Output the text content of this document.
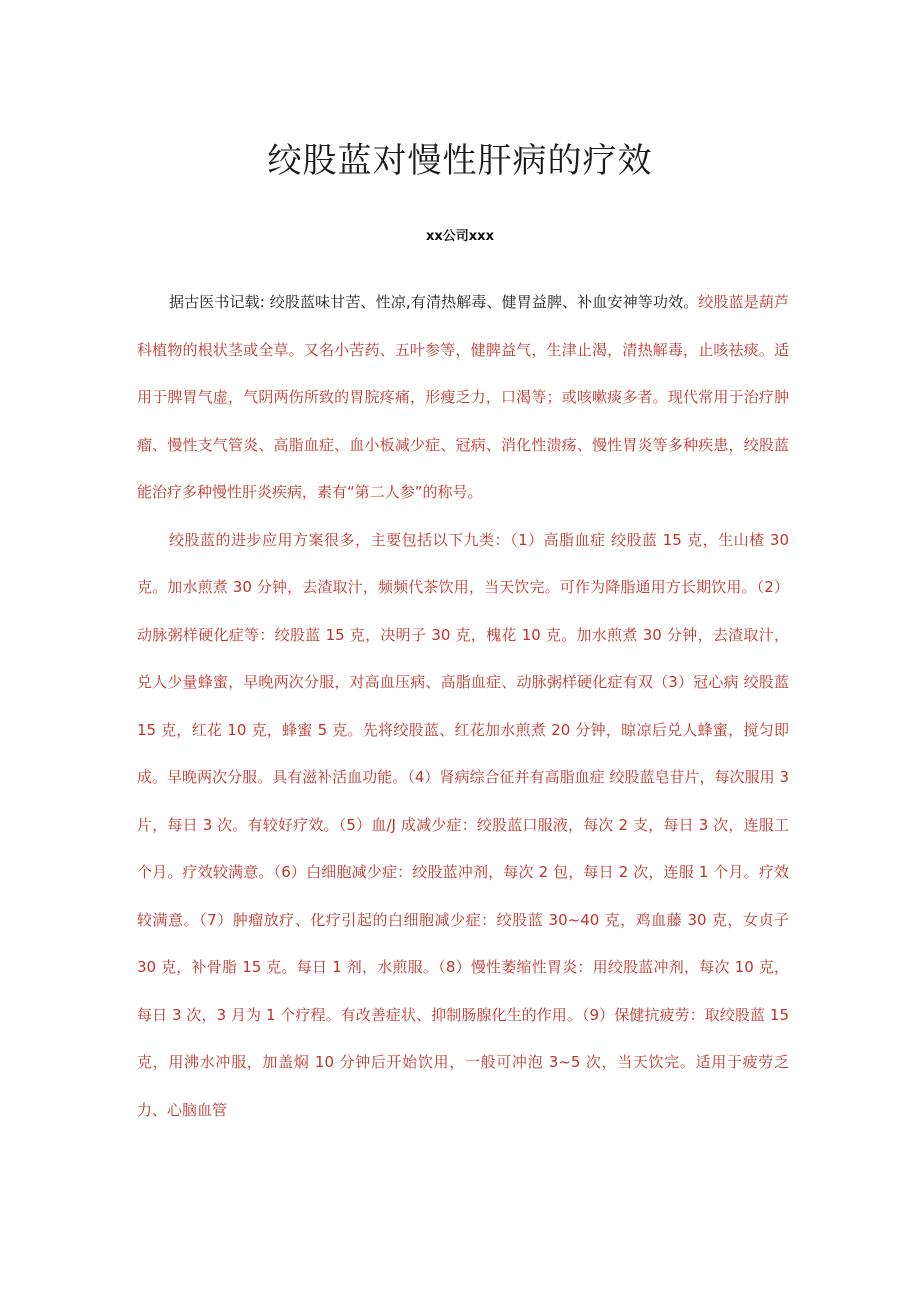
绞股蓝对慢性肝病的疗效
xx公司xxx

据古医书记载: 绞股蓝味甘苦、性凉,有清热解毒、健胃益脾、补血安神等功效。绞股蓝是葫芦科植物的根状茎或全草。又名小苦药、五叶参等，健脾益气，生津止渴，清热解毒，止咳祛痰。适用于脾胃气虚，气阴两伤所致的胃脘疼痛，形瘦乏力，口渴等；或咳嗽痰多者。现代常用于治疗肿瘤、慢性支气管炎、高脂血症、血小板减少症、冠病、消化性溃疡、慢性胃炎等多种疾患，绞股蓝能治疗多种慢性肝炎疾病，素有“第二人参”的称号。

绞股蓝的进步应用方案很多，主要包括以下九类：（1）高脂血症 绞股蓝 15 克，生山楂 30 克。加水煎煮 30 分钟，去渣取汁，频频代茶饮用，当天饮完。可作为降脂通用方长期饮用。（2）动脉粥样硬化症等：绞股蓝 15 克，决明子 30 克，槐花 10 克。加水煎煮 30 分钟，去渣取汁，兑人少量蜂蜜，早晚两次分服，对高血压病、高脂血症、动脉粥样硬化症有双（3）冠心病 绞股蓝 15 克，红花 10 克，蜂蜜 5 克。先将绞股蓝、红花加水煎煮 20 分钟，晾凉后兑人蜂蜜，搅匀即成。早晚两次分服。具有滋补活血功能。（4）肾病综合征并有高脂血症 绞股蓝皂苷片，每次服用 3 片，每日 3 次。有较好疗效。（5）血/J 成减少症：绞股蓝口服液，每次 2 支，每日 3 次，连服工个月。疗效较满意。（6）白细胞减少症：绞股蓝冲剂，每次 2 包，每日 2 次，连服 1 个月。疗效较满意。（7）肿瘤放疗、化疗引起的白细胞减少症：绞股蓝 30~40 克，鸡血藤 30 克，女贞子 30 克，补骨脂 15 克。每日 1 剂，水煎服。（8）慢性萎缩性胃炎：用绞股蓝冲剂，每次 10 克，每日 3 次，3 月为 1 个疗程。有改善症状、抑制肠腺化生的作用。（9）保健抗疲劳：取绞股蓝 15 克，用沸水冲服，加盖焖 10 分钟后开始饮用，一般可冲泡 3~5 次，当天饮完。适用于疲劳乏力、心脑血管
